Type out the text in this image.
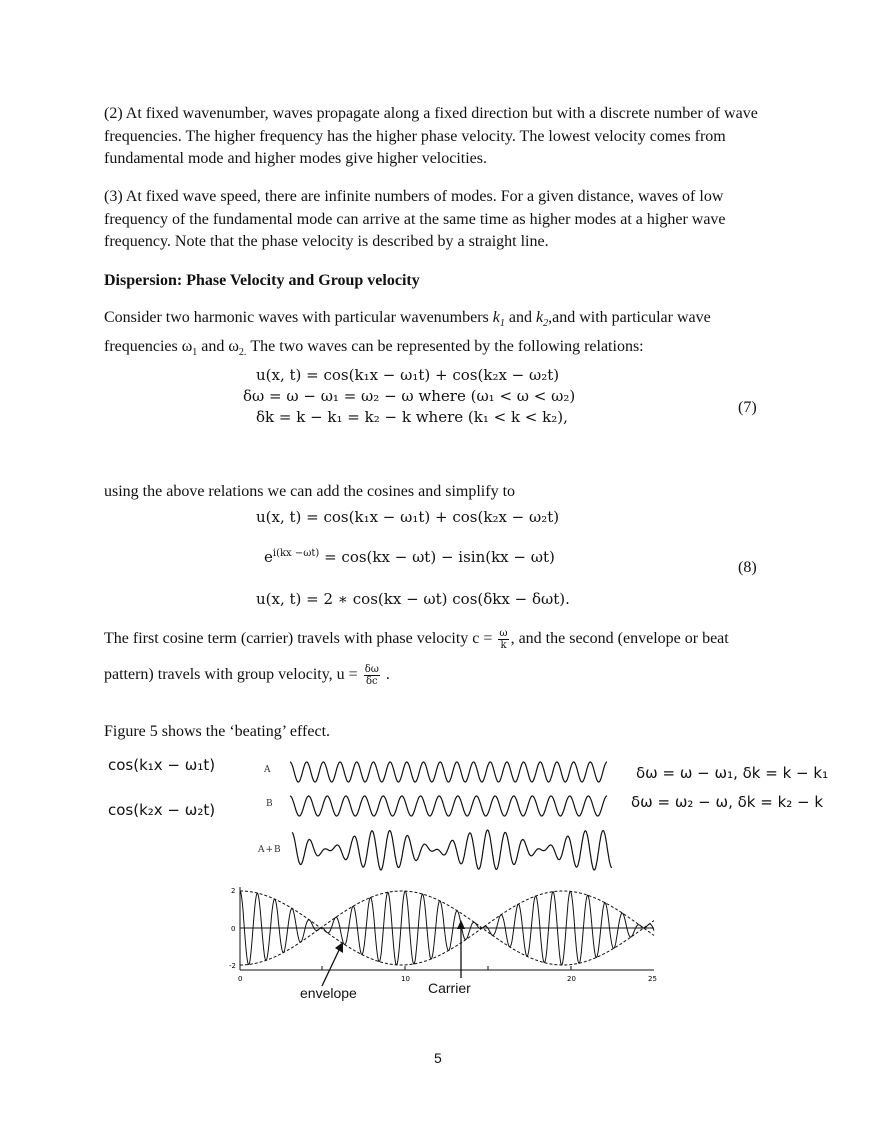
(2) At fixed wavenumber, waves propagate along a fixed direction but with a discrete number of wave frequencies. The higher frequency has the higher phase velocity. The lowest velocity comes from fundamental mode and higher modes give higher velocities.

(3) At fixed wave speed, there are infinite numbers of modes. For a given distance, waves of low frequency of the fundamental mode can arrive at the same time as higher modes at a higher wave frequency. Note that the phase velocity is described by a straight line.

Dispersion: Phase Velocity and Group velocity

Consider two harmonic waves with particular wavenumbers $k_1$ and $k_2,and$ with particular wave
frequencies $\omega_1$ and $\omega_{2.}$ The two waves can be represented by the following relations:

u(x, t) = cos(k₁x − ω₁t) + cos(k₂x − ω₂t)
δω = ω − ω₁ = ω₂ − ω where (ω₁ < ω < ω₂)
δk = k − k₁ = k₂ − k where (k₁ < k < k₂),
(7)

using the above relations we can add the cosines and simplify to

u(x, t) = cos(k₁x − ω₁t) + cos(k₂x − ω₂t)
$e^{i(kx -\omega t)} = \cos(kx - \omega t) - isin(kx - \omega t)$
u(x, t) = 2 ∗ cos(kx − ωt) cos(δkx − δωt).
(8)
The first cosine term (carrier) travels with phase velocity $c = \frac{\omega}{k}$ , and the second (envelope or beat
pattern) travels with group velocity, $u = \frac{\delta\omega}{\delta c}$ .

Figure 5 shows the ‘beating’ effect.

cos(k₁x − ω₁t)
cos(k₂x − ω₂t)
A
B
A+B
δω = ω − ω₁, δk = k − k₁
δω = ω₂ − ω, δk = k₂ − k
2
0
-2
0	10	20	25
envelope	Carrier
5
